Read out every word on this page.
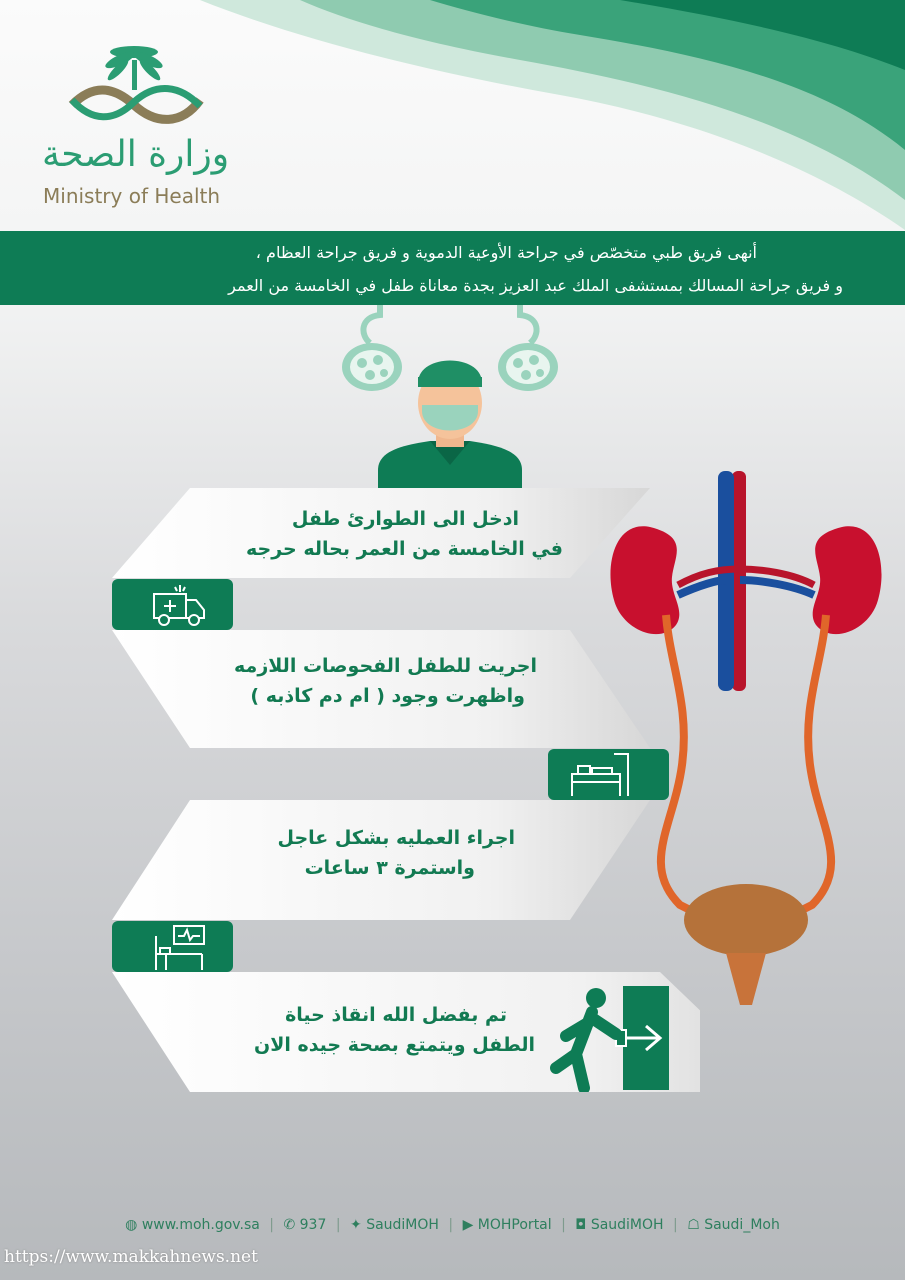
وزارة الصحة
Ministry of Health
أنهى فريق طبي متخصّص في جراحة الأوعية الدموية و فريق جراحة العظام ،
و فريق جراحة المسالك بمستشفى الملك عبد العزيز بجدة معاناة طفل في الخامسة من العمر
ادخل الى الطوارئ طفل
في الخامسة من العمر بحاله حرجه
اجريت للطفل الفحوصات اللازمه
واظهرت وجود ( ام دم كاذبه )
اجراء العمليه بشكل عاجل
واستمرة ٣ ساعات
تم بفضل الله انقاذ حياة
الطفل ويتمتع بصحة جيده الان
◍ www.moh.gov.sa | ✆ 937 | ✦ SaudiMOH | ▶ MOHPortal | ◘ SaudiMOH | ☖ Saudi_Moh
https://www.makkahnews.net
